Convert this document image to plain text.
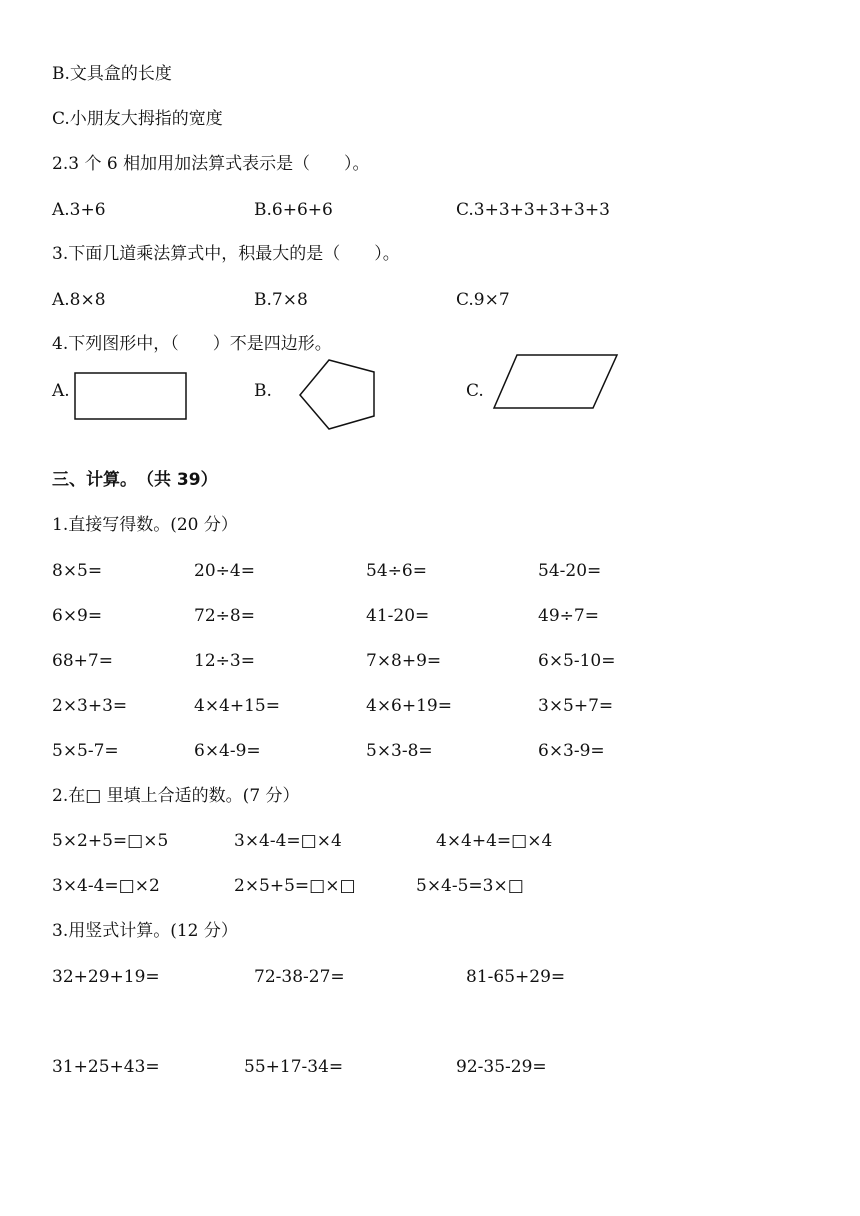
B.文具盒的长度
C.小朋友大拇指的宽度
2.3 个 6 相加用加法算式表示是（　　）。
A.3+6	B.6+6+6	C.3+3+3+3+3+3
3.下面几道乘法算式中，积最大的是（　　）。
A.8×8	B.7×8	C.9×7
4.下列图形中，（　　）不是四边形。
A.	B.	C.
三、计算。　（共 39）
1.直接写得数。(20 分）
8×5=	20÷4=	54÷6=	54-20=
6×9=	72÷8=	41-20=	49÷7=
68+7=	12÷3=	7×8+9=	6×5-10=
2×3+3=	4×4+15=	4×6+19=	3×5+7=
5×5-7=	6×4-9=	5×3-8=	6×3-9=
2.在□ 里填上合适的数。(7 分）
5×2+5=□×5	3×4-4=□×4	4×4+4=□×4
3×4-4=□×2	2×5+5=□×□	5×4-5=3×□
3.用竖式计算。(12 分）
32+29+19=	72-38-27=	81-65+29=
31+25+43=	55+17-34=	92-35-29=
